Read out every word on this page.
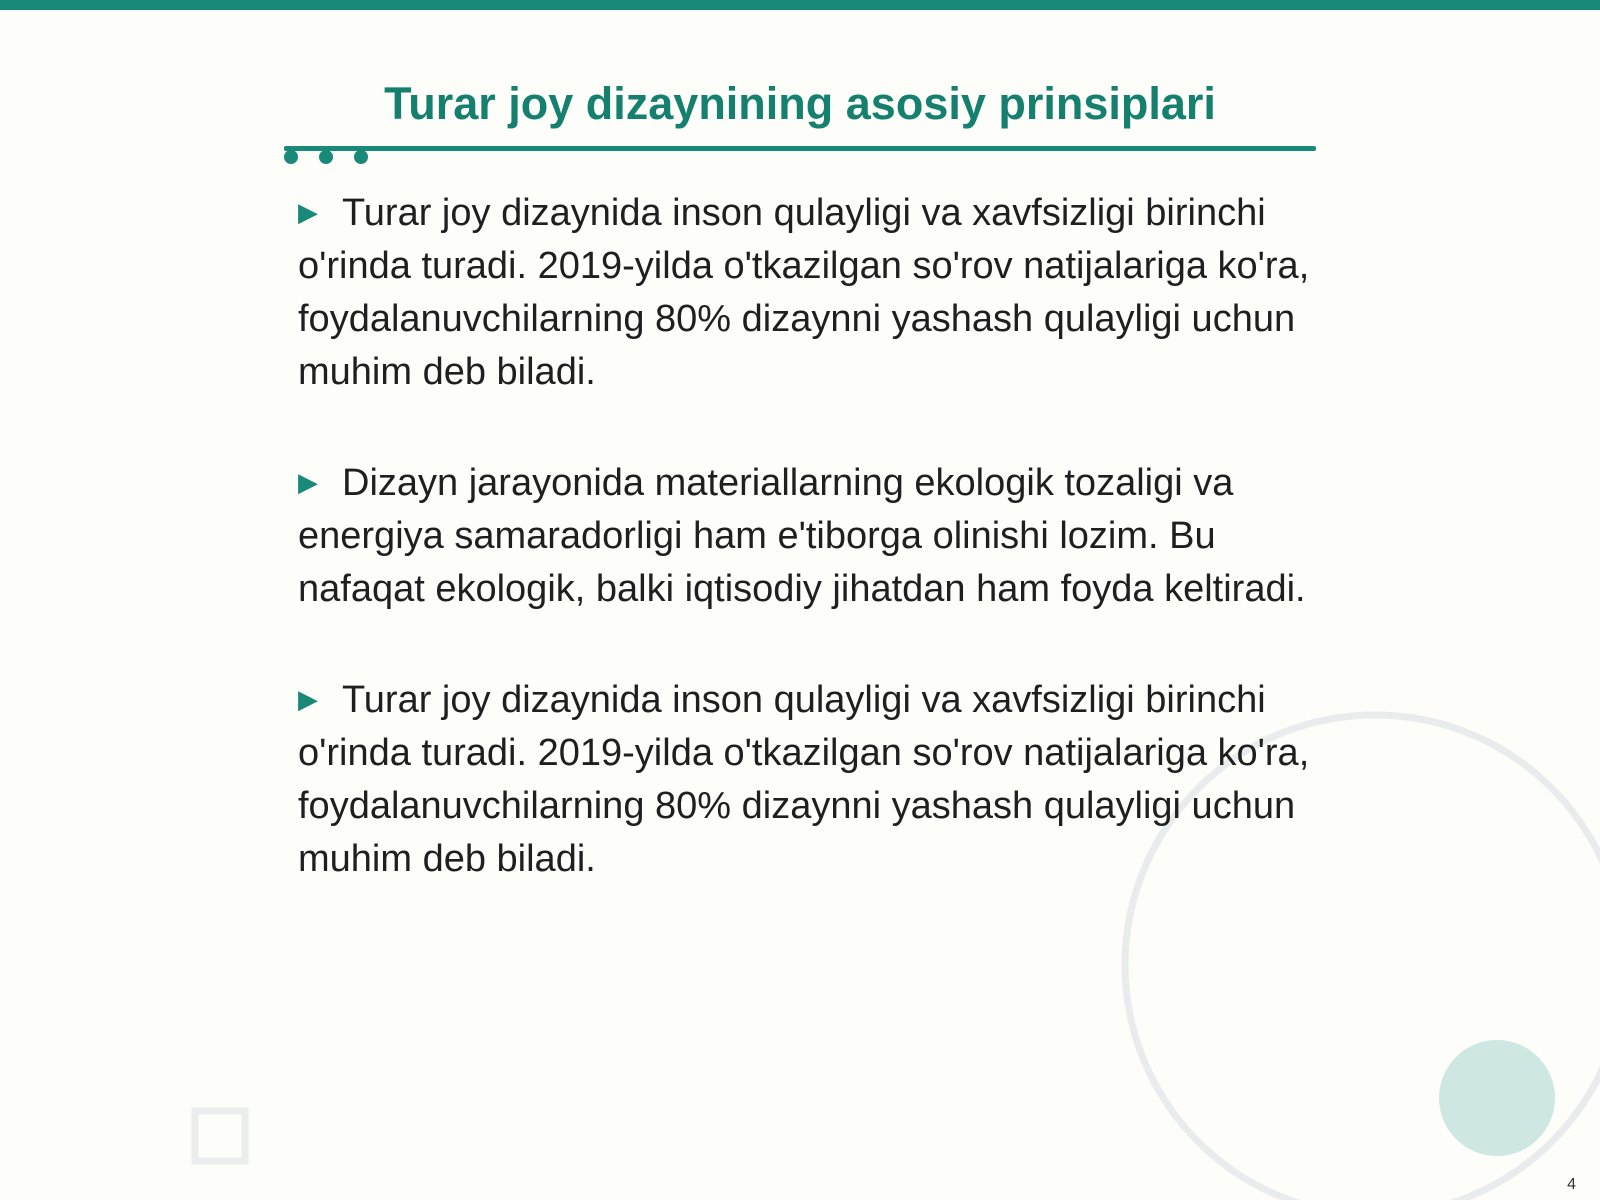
Turar joy dizaynining asosiy prinsiplari

▶ Turar joy dizaynida inson qulayligi va xavfsizligi birinchi o'rinda turadi. 2019-yilda o'tkazilgan so'rov natijalariga ko'ra, foydalanuvchilarning 80% dizaynni yashash qulayligi uchun muhim deb biladi.

▶ Dizayn jarayonida materiallarning ekologik tozaligi va energiya samaradorligi ham e'tiborga olinishi lozim. Bu nafaqat ekologik, balki iqtisodiy jihatdan ham foyda keltiradi.

▶ Turar joy dizaynida inson qulayligi va xavfsizligi birinchi o'rinda turadi. 2019-yilda o'tkazilgan so'rov natijalariga ko'ra, foydalanuvchilarning 80% dizaynni yashash qulayligi uchun muhim deb biladi.

4
